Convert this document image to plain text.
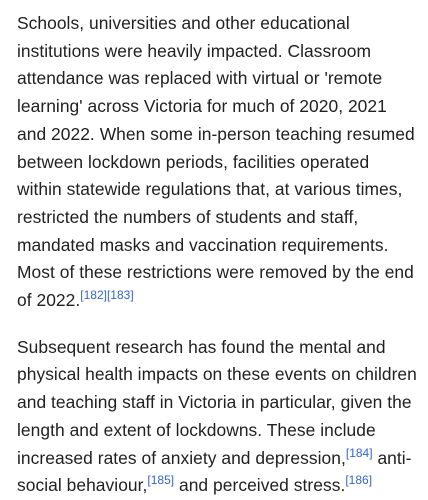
Schools, universities and other educational institutions were heavily impacted. Classroom attendance was replaced with virtual or 'remote learning' across Victoria for much of 2020, 2021 and 2022. When some in-person teaching resumed between lockdown periods, facilities operated within statewide regulations that, at various times, restricted the numbers of students and staff, mandated masks and vaccination requirements. Most of these restrictions were removed by the end of 2022.[182][183]

Subsequent research has found the mental and physical health impacts on these events on children and teaching staff in Victoria in particular, given the length and extent of lockdowns. These include increased rates of anxiety and depression,[184] anti-social behaviour,[185] and perceived stress.[186]
